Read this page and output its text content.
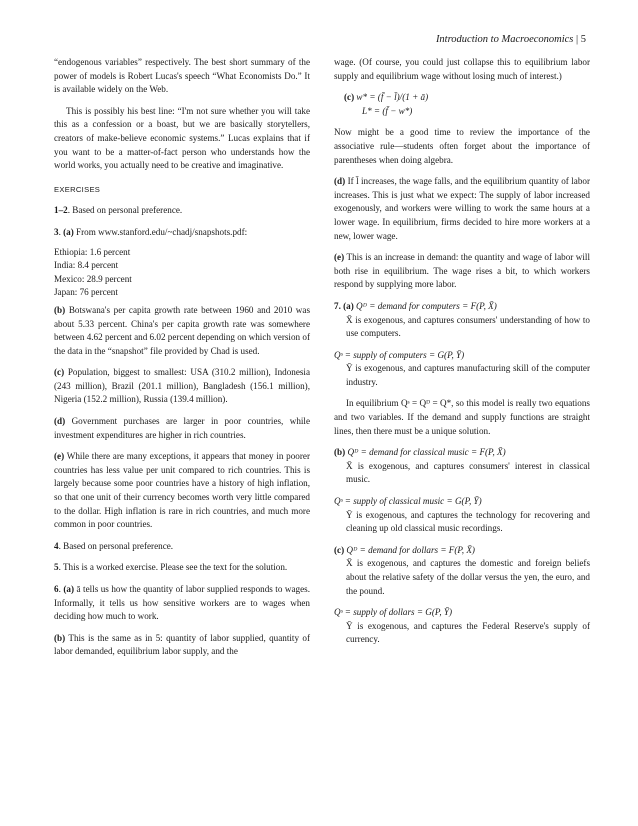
Introduction to Macroeconomics | 5

“endogenous variables” respectively. The best short summary of the power of models is Robert Lucas's speech “What Economists Do.” It is available widely on the Web.

This is possibly his best line: “I'm not sure whether you will take this as a confession or a boast, but we are basically storytellers, creators of make-believe economic systems.” Lucas explains that if you want to be a matter-of-fact person who understands how the world works, you actually need to be creative and imaginative.

EXERCISES

1–2. Based on personal preference.

3. (a) From www.stanford.edu/~chadj/snapshots.pdf:

Ethiopia: 1.6 percent
India: 8.4 percent
Mexico: 28.9 percent
Japan: 76 percent

(b) Botswana's per capita growth rate between 1960 and 2010 was about 5.33 percent. China's per capita growth rate was somewhere between 4.62 percent and 6.02 percent depending on which version of the data in the “snapshot” file provided by Chad is used.

(c) Population, biggest to smallest: USA (310.2 million), Indonesia (243 million), Brazil (201.1 million), Bangladesh (156.1 million), Nigeria (152.2 million), Russia (139.4 million).

(d) Government purchases are larger in poor countries, while investment expenditures are higher in rich countries.

(e) While there are many exceptions, it appears that money in poorer countries has less value per unit compared to rich countries. This is largely because some poor countries have a history of high inflation, so that one unit of their currency becomes worth very little compared to the dollar. High inflation is rare in rich countries, and much more common in poor countries.

4. Based on personal preference.

5. This is a worked exercise. Please see the text for the solution.

6. (a) ā tells us how the quantity of labor supplied responds to wages. Informally, it tells us how sensitive workers are to wages when deciding how much to work.

(b) This is the same as in 5: quantity of labor supplied, quantity of labor demanded, equilibrium labor supply, and the

wage. (Of course, you could just collapse this to equilibrium labor supply and equilibrium wage without losing much of interest.)

(c) w* = (f̄ − l̄)/(1 + ā)
L* = (f̄ − w*)

Now might be a good time to review the importance of the associative rule—students often forget about the importance of parentheses when doing algebra.

(d) If l̄ increases, the wage falls, and the equilibrium quantity of labor increases. This is just what we expect: The supply of labor increased exogenously, and workers were willing to work the same hours at a lower wage. In equilibrium, firms decided to hire more workers at a new, lower wage.

(e) This is an increase in demand: the quantity and wage of labor will both rise in equilibrium. The wage rises a bit, to which workers respond by supplying more labor.

7. (a) Qᴰ = demand for computers = F(P, X̄)

X̄ is exogenous, and captures consumers' understanding of how to use computers.

Qˢ = supply of computers = G(P, Ȳ)

Ȳ is exogenous, and captures manufacturing skill of the computer industry.

In equilibrium Qˢ = Qᴰ = Q*, so this model is really two equations and two variables. If the demand and supply functions are straight lines, then there must be a unique solution.

(b) Qᴰ = demand for classical music = F(P, X̄)

X̄ is exogenous, and captures consumers' interest in classical music.

Qˢ = supply of classical music = G(P, Ȳ)

Ȳ is exogenous, and captures the technology for recovering and cleaning up old classical music recordings.

(c) Qᴰ = demand for dollars = F(P, X̄)

X̄ is exogenous, and captures the domestic and foreign beliefs about the relative safety of the dollar versus the yen, the euro, and the pound.

Qˢ = supply of dollars = G(P, Ȳ)

Ȳ is exogenous, and captures the Federal Reserve's supply of currency.
